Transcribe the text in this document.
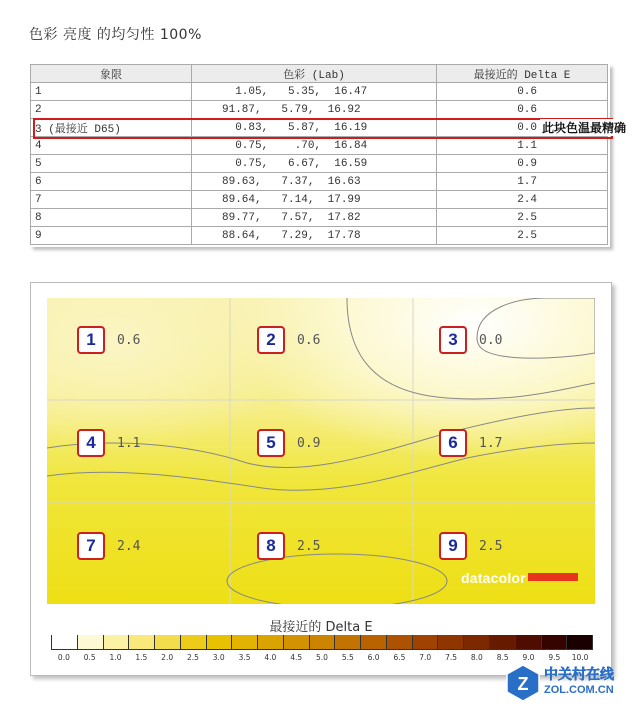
色彩 亮度 的均匀性 100%
象限	色彩 (Lab)	最接近的 Delta E
1	1.05,   5.35,  16.47	0.6
2	91.87,   5.79,  16.92	0.6
3 (最接近 D65)	0.83,   5.87,  16.19	0.0
4	0.75,    .70,  16.84	1.1
5	0.75,   6.67,  16.59	0.9
6	89.63,   7.37,  16.63	1.7
7	89.64,   7.14,  17.99	2.4
8	89.77,   7.57,  17.82	2.5
9	88.64,   7.29,  17.78	2.5
此块色温最精确
1	0.6	2	0.6	3	0.0
4	1.1	5	0.9	6	1.7
7	2.4	8	2.5	9	2.5
datacolor
最接近的 Delta E
0.0 0.5 1.0 1.5 2.0 2.5 3.0 3.5 4.0 4.5 5.0 5.5 6.0 6.5 7.0 7.5 8.0 8.5 9.0 9.5 10.0
Z 中关村在线
ZOL.COM.CN
